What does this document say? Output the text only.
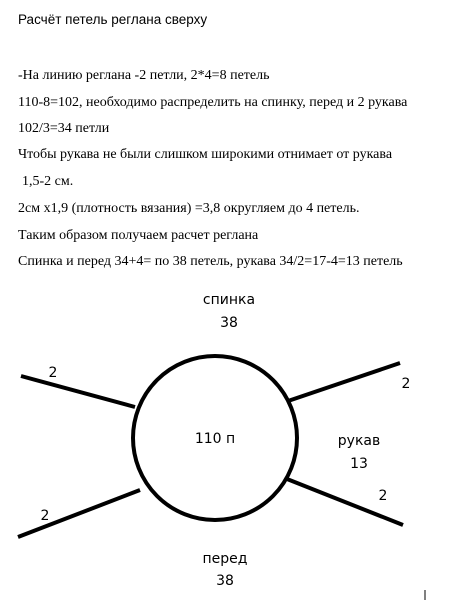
Расчёт петель реглана сверху
-На линию реглана -2 петли, 2*4=8 петель
110-8=102, необходимо распределить на спинку, перед и 2 рукава
102/3=34 петли
Чтобы рукава не были слишком широкими отнимает от рукава
1,5-2 см.
2см х1,9 (плотность вязания) =3,8 округляем до 4 петель.
Таким образом получаем расчет реглана
Спинка и перед 34+4= по 38 петель, рукава 34/2=17-4=13 петель
спинка
38
110 п	рукав
13
перед
38
2
2
2
2
